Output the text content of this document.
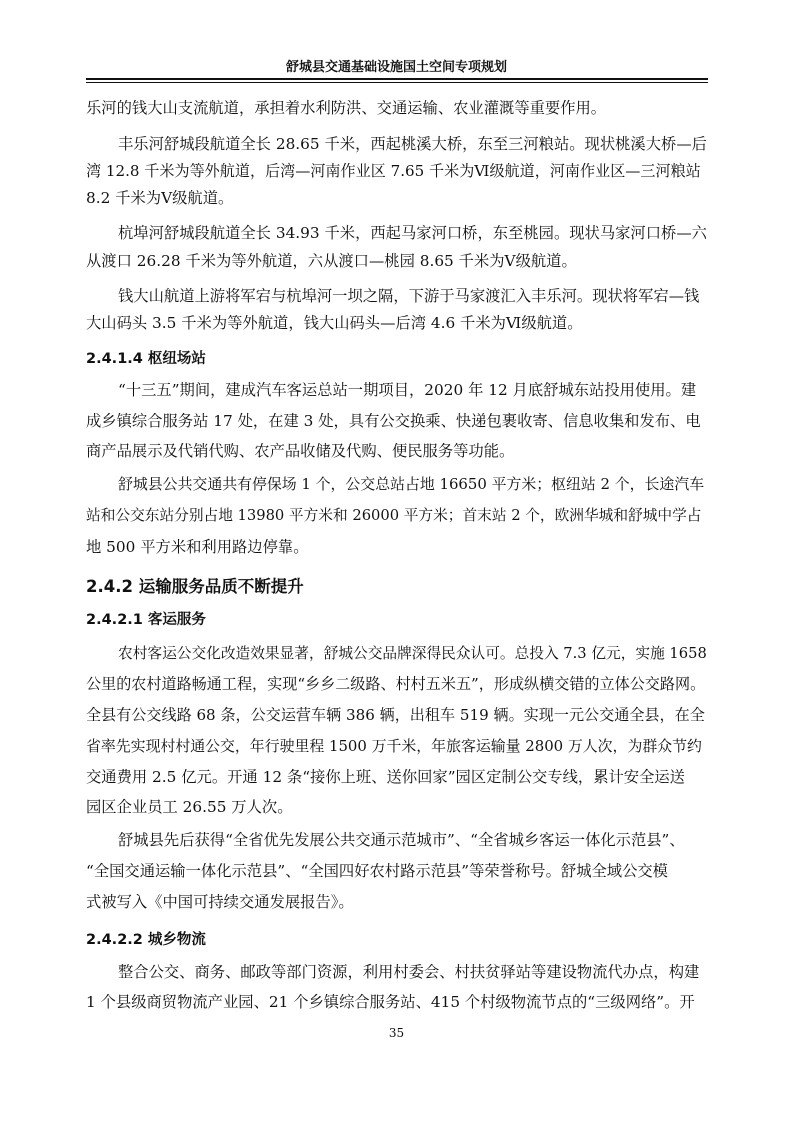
舒城县交通基础设施国土空间专项规划
乐河的钱大山支流航道，承担着水利防洪、交通运输、农业灌溉等重要作用。
丰乐河舒城段航道全长 28.65 千米，西起桃溪大桥，东至三河粮站。现状桃溪大桥—后
湾 12.8 千米为等外航道，后湾—河南作业区 7.65 千米为Ⅵ级航道，河南作业区—三河粮站
8.2 千米为Ⅴ级航道。
杭埠河舒城段航道全长 34.93 千米，西起马家河口桥，东至桃园。现状马家河口桥—六
从渡口 26.28 千米为等外航道，六从渡口—桃园 8.65 千米为Ⅴ级航道。
钱大山航道上游将军宕与杭埠河一坝之隔，下游于马家渡汇入丰乐河。现状将军宕—钱
大山码头 3.5 千米为等外航道，钱大山码头—后湾 4.6 千米为Ⅵ级航道。
2.4.1.4 枢纽场站
“十三五”期间，建成汽车客运总站一期项目，2020 年 12 月底舒城东站投用使用。建
成乡镇综合服务站 17 处，在建 3 处，具有公交换乘、快递包裹收寄、信息收集和发布、电
商产品展示及代销代购、农产品收储及代购、便民服务等功能。
舒城县公共交通共有停保场 1 个，公交总站占地 16650 平方米；枢纽站 2 个，长途汽车
站和公交东站分别占地 13980 平方米和 26000 平方米；首末站 2 个，欧洲华城和舒城中学占
地 500 平方米和利用路边停靠。
2.4.2 运输服务品质不断提升
2.4.2.1 客运服务
农村客运公交化改造效果显著，舒城公交品牌深得民众认可。总投入 7.3 亿元，实施 1658
公里的农村道路畅通工程，实现“乡乡二级路、村村五米五”，形成纵横交错的立体公交路网。
全县有公交线路 68 条，公交运营车辆 386 辆，出租车 519 辆。实现一元公交通全县，在全
省率先实现村村通公交，年行驶里程 1500 万千米，年旅客运输量 2800 万人次，为群众节约
交通费用 2.5 亿元。开通 12 条“接你上班、送你回家”园区定制公交专线，累计安全运送
园区企业员工 26.55 万人次。
舒城县先后获得“全省优先发展公共交通示范城市”、“全省城乡客运一体化示范县”、
“全国交通运输一体化示范县”、“全国四好农村路示范县”等荣誉称号。舒城全域公交模
式被写入《中国可持续交通发展报告》。
2.4.2.2 城乡物流
整合公交、商务、邮政等部门资源，利用村委会、村扶贫驿站等建设物流代办点，构建
1 个县级商贸物流产业园、21 个乡镇综合服务站、415 个村级物流节点的“三级网络”。开
35
